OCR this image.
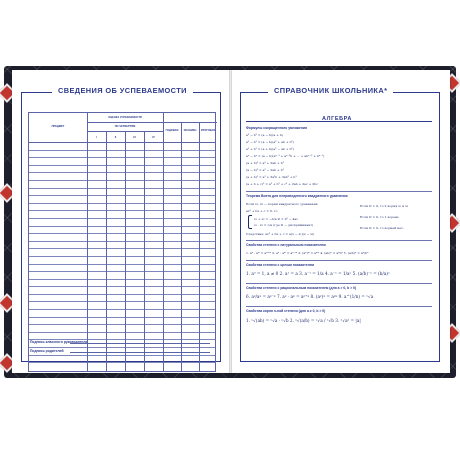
СВЕДЕНИЯ ОБ УСПЕВАЕМОСТИ
ПРЕДМЕТ
ОЦЕНКА УСПЕВАЕМОСТИ
ПО ЧЕТВЕРТЯМ
I	II	III	IV
ГОДОВАЯ	ЭКЗАМЕН	ИТОГОВАЯ
Подпись классного руководителя
Подпись родителей
СПРАВОЧНИК ШКОЛЬНИКА*
АЛГЕБРА
Формулы сокращенного умножения
a² − b² = (a − b)(a + b)
a³ − b³ = (a − b)(a² + ab + b²)
a³ + b³ = (a + b)(a² − ab + b²)
aⁿ − bⁿ = (a − b)(aⁿ⁻¹ + aⁿ⁻²b + ... + abⁿ⁻² + bⁿ⁻¹)
(a + b)² = a² + 2ab + b²
(a − b)² = a² − 2ab + b²
(a + b)³ = a³ + 3a²b + 3ab² + b³
(a + b + c)² = a² + b² + c² + 2ab + 2ac + 2bc
Теорема Виета для неприведенного квадратного уравнения
Если x₁, x₂ — корни квадратного уравнения
ax² + bx + c = 0, то
x₁ + x₂ = −b/a D = b² − 4ac
x₁ · x₂ = c/a (где D — дискриминант)
Следствие: ax² + bx + c = a(x − x₁)(x − x₂)
Если D > 0, то 2 корня x₁ и x₂
Если D = 0, то 1 корень
Если D < 0, то корней нет.
Свойства степени с натуральным показателем
1. aⁿ · aᵐ = aⁿ⁺ᵐ 2. aⁿ : aᵐ = aⁿ⁻ᵐ 3. (aⁿ)ᵐ = aⁿᵐ 4. (ab)ⁿ = aⁿbⁿ 5. (a/b)ⁿ = aⁿ/bⁿ
Свойства степени с целым показателем
1. a⁰ = 1, a ≠ 0 2. a¹ = a 3. a⁻¹ = 1/a 4. a⁻ⁿ = 1/aⁿ 5. (a/b)⁻ⁿ = (b/a)ⁿ
Свойства степени с рациональным показателем (для a > 0, b > 0)
6. aᵖ/aᵠ = aᵖ⁻ᵠ 7. aᵖ · aᵠ = aᵖ⁺ᵠ 8. (aᵖ)ᵠ = aᵖᵠ 9. a^(1/n) = ⁿ√a
Свойства корня n-ной степени (для a ≥ 0, b > 0)
1. ⁿ√(ab) = ⁿ√a · ⁿ√b 2. ⁿ√(a/b) = ⁿ√a / ⁿ√b 3. ⁿ√a² = |a|
